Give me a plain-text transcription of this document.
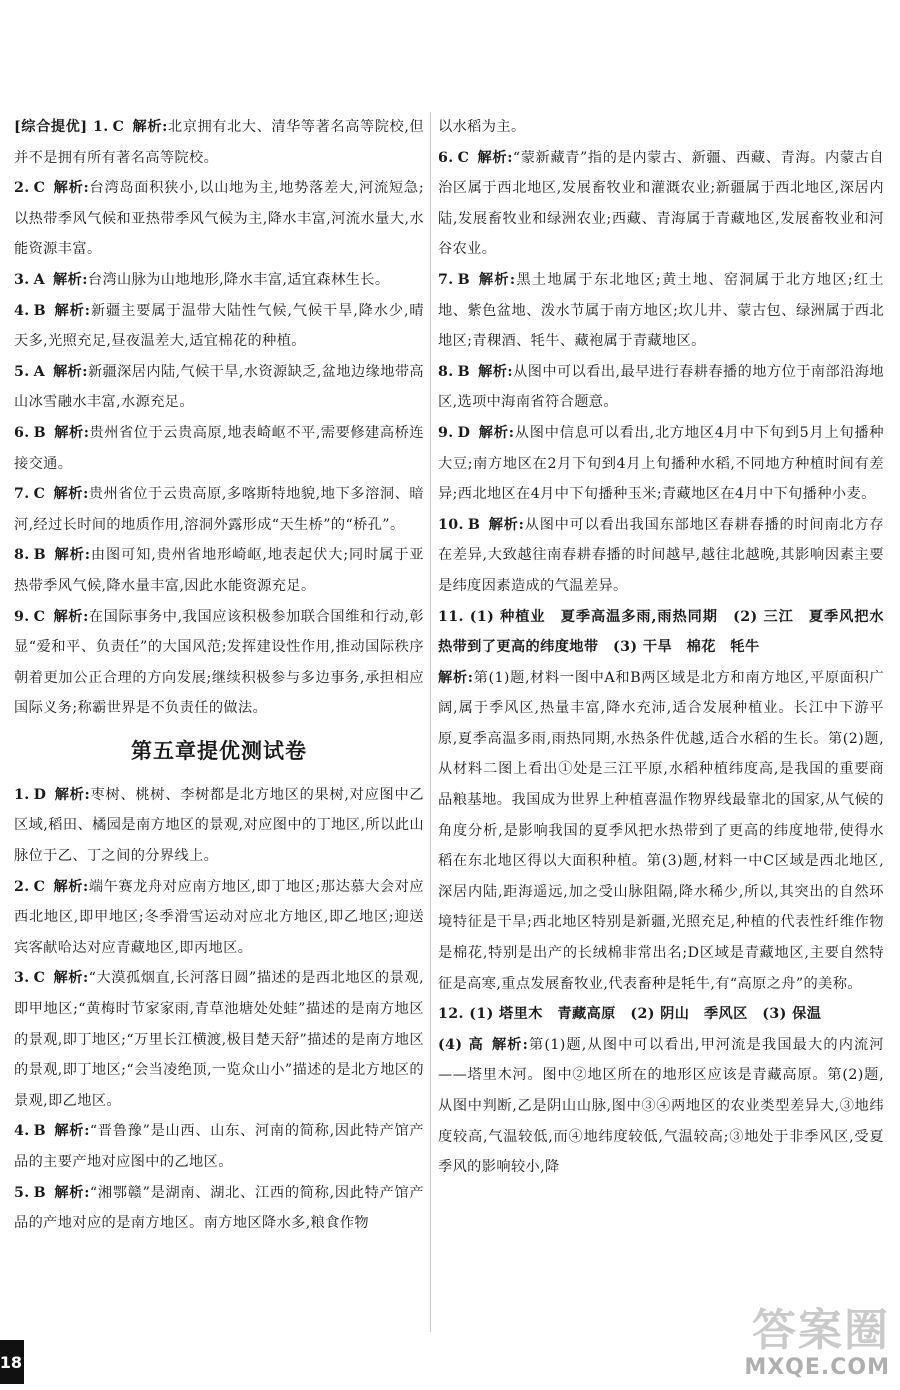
[综合提优] 1. C 解析:北京拥有北大、清华等著名高等院校,但并不是拥有所有著名高等院校。
2. C 解析:台湾岛面积狭小,以山地为主,地势落差大,河流短急;以热带季风气候和亚热带季风气候为主,降水丰富,河流水量大,水能资源丰富。
3. A 解析:台湾山脉为山地地形,降水丰富,适宜森林生长。
4. B 解析:新疆主要属于温带大陆性气候,气候干旱,降水少,晴天多,光照充足,昼夜温差大,适宜棉花的种植。
5. A 解析:新疆深居内陆,气候干旱,水资源缺乏,盆地边缘地带高山冰雪融水丰富,水源充足。
6. B 解析:贵州省位于云贵高原,地表崎岖不平,需要修建高桥连接交通。
7. C 解析:贵州省位于云贵高原,多喀斯特地貌,地下多溶洞、暗河,经过长时间的地质作用,溶洞外露形成“天生桥”的“桥孔”。
8. B 解析:由图可知,贵州省地形崎岖,地表起伏大;同时属于亚热带季风气候,降水量丰富,因此水能资源充足。
9. C 解析:在国际事务中,我国应该积极参加联合国维和行动,彰显“爱和平、负责任”的大国风范;发挥建设性作用,推动国际秩序朝着更加公正合理的方向发展;继续积极参与多边事务,承担相应国际义务;称霸世界是不负责任的做法。
第五章提优测试卷
1. D 解析:枣树、桃树、李树都是北方地区的果树,对应图中乙区域,稻田、橘园是南方地区的景观,对应图中的丁地区,所以此山脉位于乙、丁之间的分界线上。
2. C 解析:端午赛龙舟对应南方地区,即丁地区;那达慕大会对应西北地区,即甲地区;冬季滑雪运动对应北方地区,即乙地区;迎送宾客献哈达对应青藏地区,即丙地区。
3. C 解析:“大漠孤烟直,长河落日圆”描述的是西北地区的景观,即甲地区;“黄梅时节家家雨,青草池塘处处蛙”描述的是南方地区的景观,即丁地区;“万里长江横渡,极目楚天舒”描述的是南方地区的景观,即丁地区;“会当凌绝顶,一览众山小”描述的是北方地区的景观,即乙地区。
4. B 解析:“晋鲁豫”是山西、山东、河南的简称,因此特产馆产品的主要产地对应图中的乙地区。
5. B 解析:“湘鄂赣”是湖南、湖北、江西的简称,因此特产馆产品的产地对应的是南方地区。南方地区降水多,粮食作物
以水稻为主。
6. C 解析:“蒙新藏青”指的是内蒙古、新疆、西藏、青海。内蒙古自治区属于西北地区,发展畜牧业和灌溉农业;新疆属于西北地区,深居内陆,发展畜牧业和绿洲农业;西藏、青海属于青藏地区,发展畜牧业和河谷农业。
7. B 解析:黑土地属于东北地区;黄土地、窑洞属于北方地区;红土地、紫色盆地、泼水节属于南方地区;坎儿井、蒙古包、绿洲属于西北地区;青稞酒、牦牛、藏袍属于青藏地区。
8. B 解析:从图中可以看出,最早进行春耕春播的地方位于南部沿海地区,选项中海南省符合题意。
9. D 解析:从图中信息可以看出,北方地区4月中下旬到5月上旬播种大豆;南方地区在2月下旬到4月上旬播种水稻,不同地方种植时间有差异;西北地区在4月中下旬播种玉米;青藏地区在4月中下旬播种小麦。
10. B 解析:从图中可以看出我国东部地区春耕春播的时间南北方存在差异,大致越往南春耕春播的时间越早,越往北越晚,其影响因素主要是纬度因素造成的气温差异。
11. (1) 种植业　夏季高温多雨,雨热同期　(2) 三江　夏季风把水热带到了更高的纬度地带　(3) 干旱　棉花　牦牛
解析:第(1)题,材料一图中A和B两区域是北方和南方地区,平原面积广阔,属于季风区,热量丰富,降水充沛,适合发展种植业。长江中下游平原,夏季高温多雨,雨热同期,水热条件优越,适合水稻的生长。第(2)题,从材料二图上看出①处是三江平原,水稻种植纬度高,是我国的重要商品粮基地。我国成为世界上种植喜温作物界线最靠北的国家,从气候的角度分析,是影响我国的夏季风把水热带到了更高的纬度地带,使得水稻在东北地区得以大面积种植。第(3)题,材料一中C区域是西北地区,深居内陆,距海遥远,加之受山脉阻隔,降水稀少,所以,其突出的自然环境特征是干旱;西北地区特别是新疆,光照充足,种植的代表性纤维作物是棉花,特别是出产的长绒棉非常出名;D区域是青藏地区,主要自然特征是高寒,重点发展畜牧业,代表畜种是牦牛,有“高原之舟”的美称。
12. (1) 塔里木　青藏高原　(2) 阴山　季风区　(3) 保温
(4) 高 解析:第(1)题,从图中可以看出,甲河流是我国最大的内流河——塔里木河。图中②地区所在的地形区应该是青藏高原。第(2)题,从图中判断,乙是阴山山脉,图中③④两地区的农业类型差异大,③地纬度较高,气温较低,而④地纬度较低,气温较高;③地处于非季风区,受夏季风的影响较小,降
18
答案圈
MXQE.COM
